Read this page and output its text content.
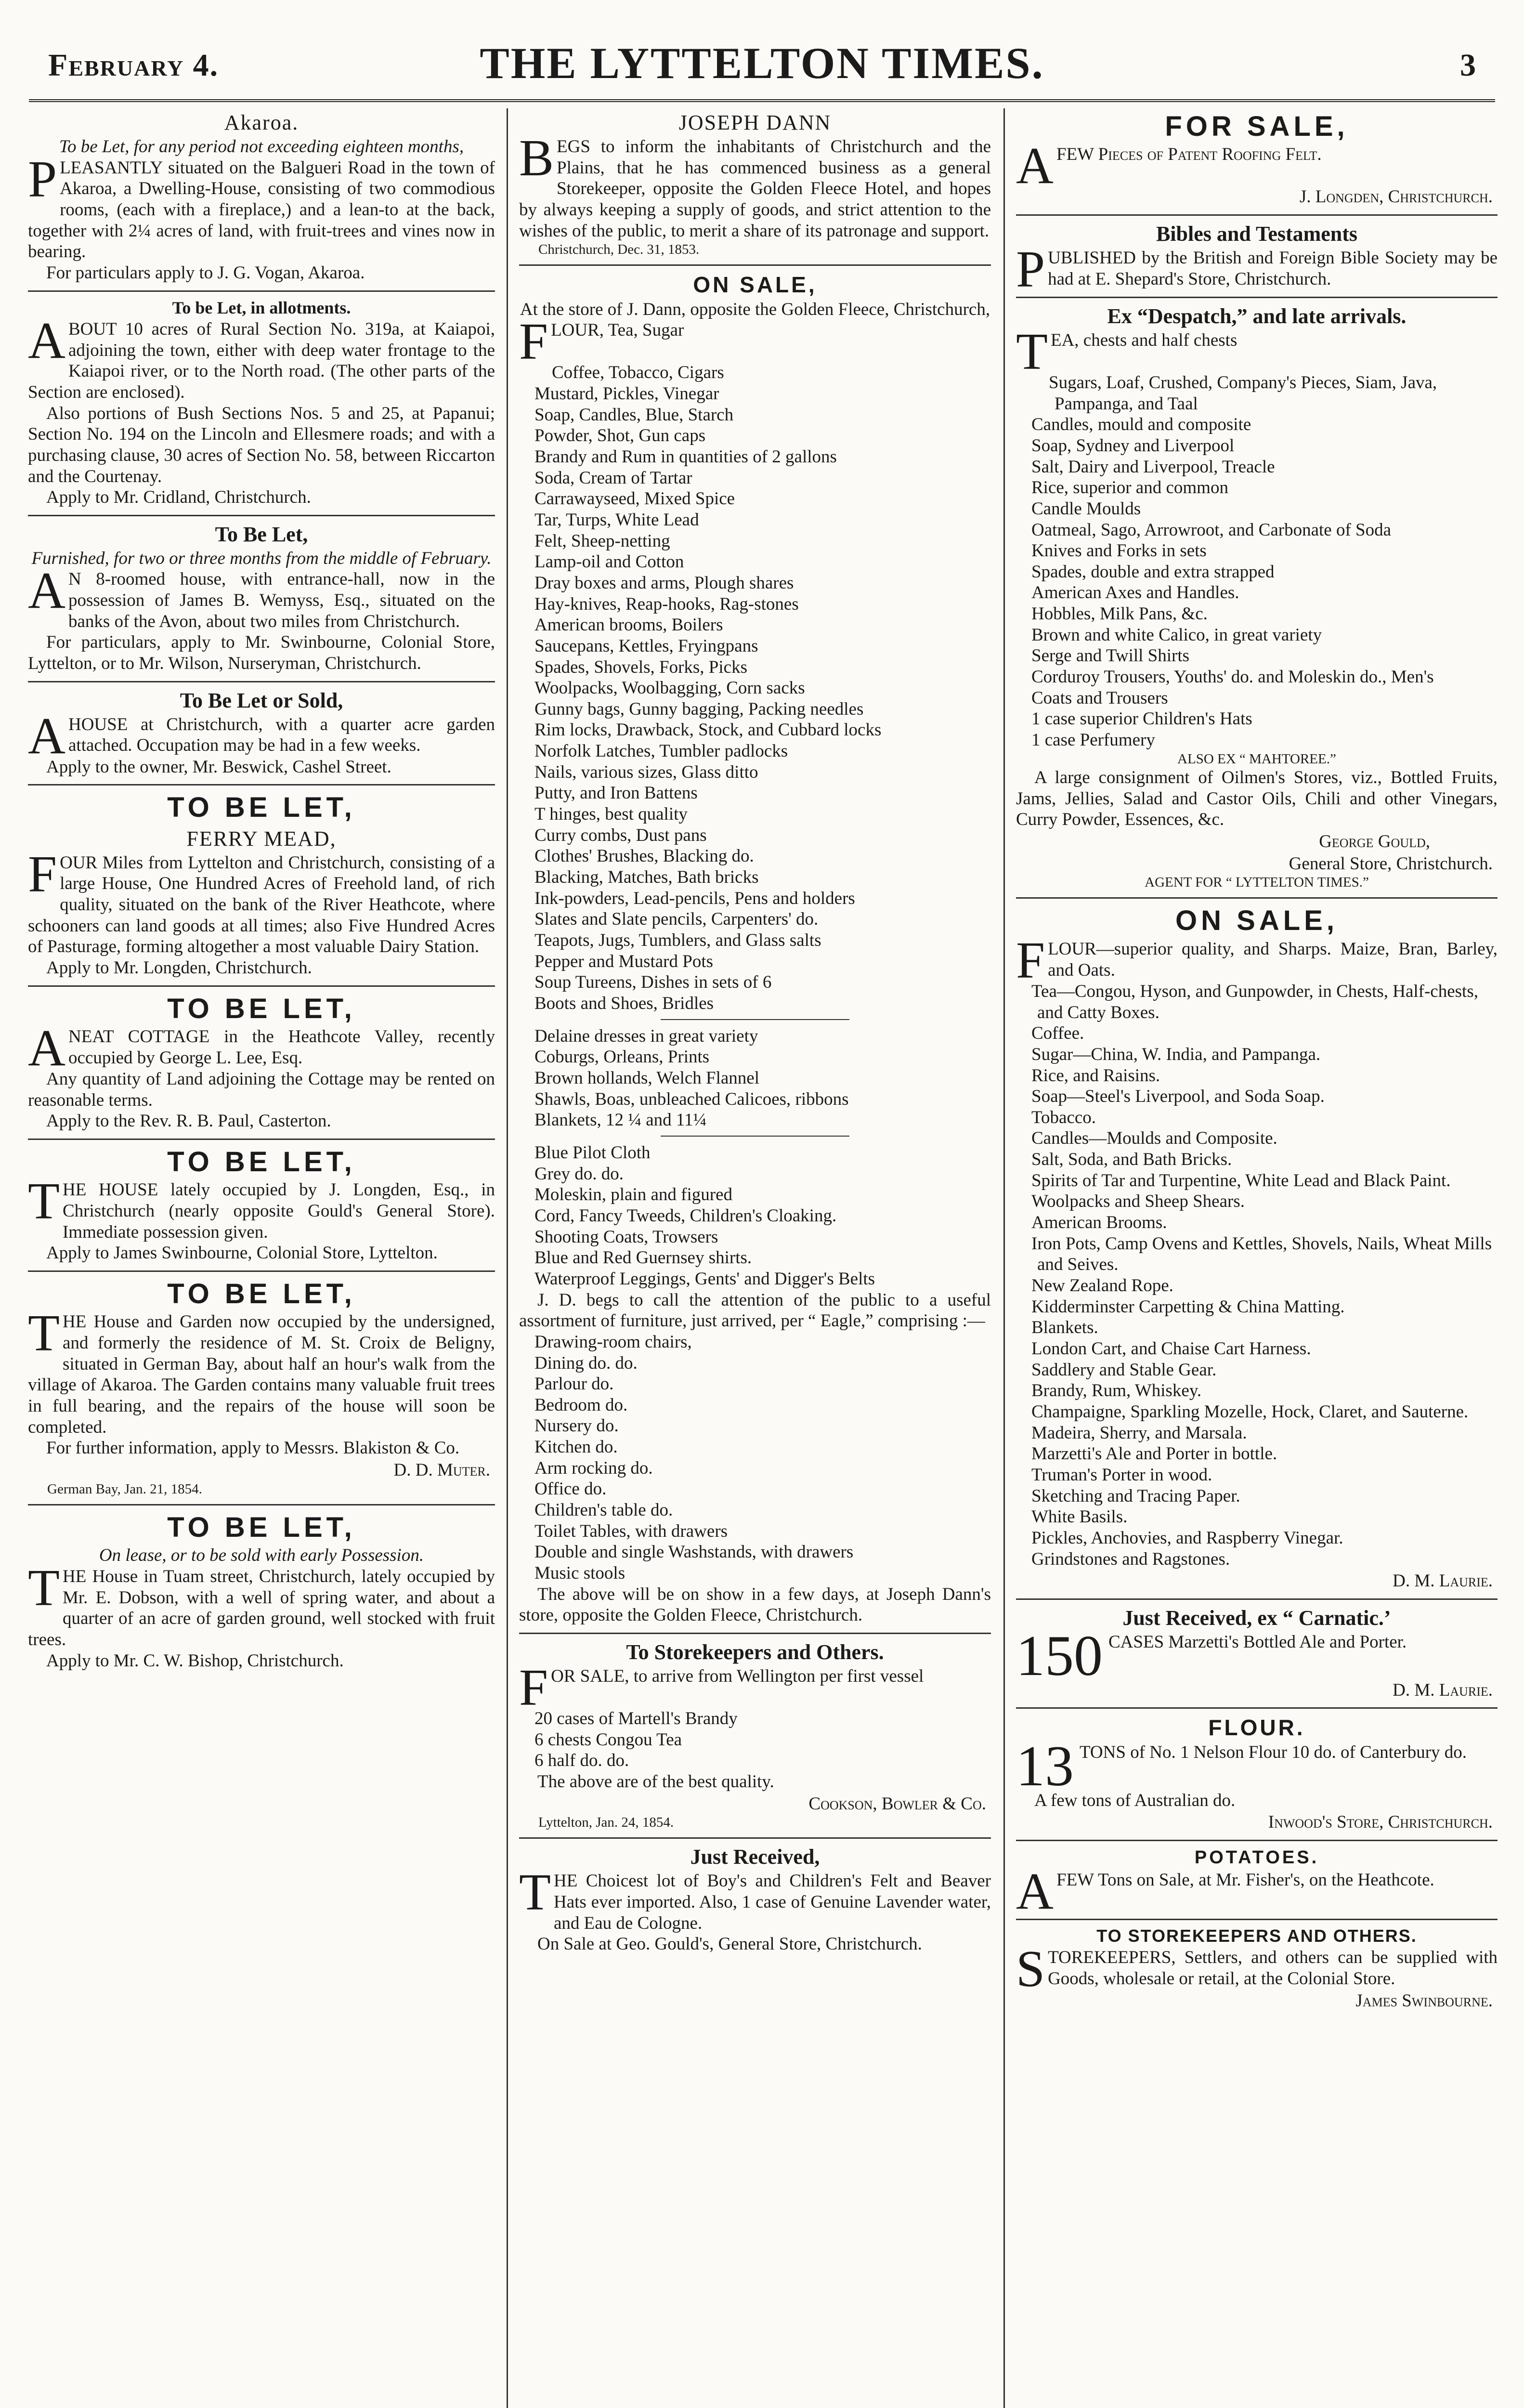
February 4.	THE LYTTELTON TIMES.	3
Akaroa.
To be Let, for any period not exceeding eighteen months,

PLEASANTLY situated on the Balgueri Road in the town of Akaroa, a Dwelling-House, consisting of two commodious rooms, (each with a fireplace,) and a lean-to at the back, together with 2¼ acres of land, with fruit-trees and vines now in bearing.

For particulars apply to J. G. Vogan, Akaroa.

To be Let, in allotments.

ABOUT 10 acres of Rural Section No. 319a, at Kaiapoi, adjoining the town, either with deep water frontage to the Kaiapoi river, or to the North road. (The other parts of the Section are enclosed).

Also portions of Bush Sections Nos. 5 and 25, at Papanui; Section No. 194 on the Lincoln and Ellesmere roads; and with a purchasing clause, 30 acres of Section No. 58, between Riccarton and the Courtenay.

Apply to Mr. Cridland, Christchurch.

To Be Let,
Furnished, for two or three months from the middle of February.

A N 8-roomed house, with entrance-hall, now in the possession of James B. Wemyss, Esq., situated on the banks of the Avon, about two miles from Christchurch.

For particulars, apply to Mr. Swinbourne, Colonial Store, Lyttelton, or to Mr. Wilson, Nurseryman, Christchurch.

To Be Let or Sold,

A HOUSE at Christchurch, with a quarter acre garden attached. Occupation may be had in a few weeks.

Apply to the owner, Mr. Beswick, Cashel Street.

TO BE LET,
FERRY MEAD,

FOUR Miles from Lyttelton and Christchurch, consisting of a large House, One Hundred Acres of Freehold land, of rich quality, situated on the bank of the River Heathcote, where schooners can land goods at all times; also Five Hundred Acres of Pasturage, forming altogether a most valuable Dairy Station.

Apply to Mr. Longden, Christchurch.

TO BE LET,

A NEAT COTTAGE in the Heathcote Valley, recently occupied by George L. Lee, Esq.

Any quantity of Land adjoining the Cottage may be rented on reasonable terms.

Apply to the Rev. R. B. Paul, Casterton.

TO BE LET,

THE HOUSE lately occupied by J. Longden, Esq., in Christchurch (nearly opposite Gould's General Store). Immediate possession given.

Apply to James Swinbourne, Colonial Store, Lyttelton.

TO BE LET,

THE House and Garden now occupied by the undersigned, and formerly the residence of M. St. Croix de Beligny, situated in German Bay, about half an hour's walk from the village of Akaroa. The Garden contains many valuable fruit trees in full bearing, and the repairs of the house will soon be completed.

For further information, apply to Messrs. Blakiston & Co.

D. D. Muter.
German Bay, Jan. 21, 1854.
TO BE LET,
On lease, or to be sold with early Possession.

THE House in Tuam street, Christchurch, lately occupied by Mr. E. Dobson, with a well of spring water, and about a quarter of an acre of garden ground, well stocked with fruit trees.

Apply to Mr. C. W. Bishop, Christchurch.

JOSEPH DANN

BEGS to inform the inhabitants of Christchurch and the Plains, that he has commenced business as a general Storekeeper, opposite the Golden Fleece Hotel, and hopes by always keeping a supply of goods, and strict attention to the wishes of the public, to merit a share of its patronage and support.

Christchurch, Dec. 31, 1853.
ON SALE,

At the store of J. Dann, opposite the Golden Fleece, Christchurch,

FLOUR, Tea, Sugar

Coffee, Tobacco, Cigars
Mustard, Pickles, Vinegar
Soap, Candles, Blue, Starch
Powder, Shot, Gun caps
Brandy and Rum in quantities of 2 gallons
Soda, Cream of Tartar
Carrawayseed, Mixed Spice
Tar, Turps, White Lead
Felt, Sheep-netting
Lamp-oil and Cotton
Dray boxes and arms, Plough shares
Hay-knives, Reap-hooks, Rag-stones
American brooms, Boilers
Saucepans, Kettles, Fryingpans
Spades, Shovels, Forks, Picks
Woolpacks, Woolbagging, Corn sacks
Gunny bags, Gunny bagging, Packing needles
Rim locks, Drawback, Stock, and Cubbard locks
Norfolk Latches, Tumbler padlocks
Nails, various sizes, Glass ditto
Putty, and Iron Battens
T hinges, best quality
Curry combs, Dust pans
Clothes' Brushes, Blacking do.
Blacking, Matches, Bath bricks
Ink-powders, Lead-pencils, Pens and holders
Slates and Slate pencils, Carpenters' do.
Teapots, Jugs, Tumblers, and Glass salts
Pepper and Mustard Pots
Soup Tureens, Dishes in sets of 6
Boots and Shoes, Bridles
Delaine dresses in great variety
Coburgs, Orleans, Prints
Brown hollands, Welch Flannel
Shawls, Boas, unbleached Calicoes, ribbons
Blankets, 12 ¼ and 11¼
Blue Pilot Cloth
Grey do. do.
Moleskin, plain and figured
Cord, Fancy Tweeds, Children's Cloaking.
Shooting Coats, Trowsers
Blue and Red Guernsey shirts.
Waterproof Leggings, Gents' and Digger's Belts

J. D. begs to call the attention of the public to a useful assortment of furniture, just arrived, per “ Eagle,” comprising :—

Drawing-room chairs,
Dining do. do.
Parlour do.
Bedroom do.
Nursery do.
Kitchen do.
Arm rocking do.
Office do.
Children's table do.
Toilet Tables, with drawers
Double and single Washstands, with drawers
Music stools

The above will be on show in a few days, at Joseph Dann's store, opposite the Golden Fleece, Christchurch.

To Storekeepers and Others.

FOR SALE, to arrive from Wellington per first vessel

20 cases of Martell's Brandy
6 chests Congou Tea
6 half do. do.

The above are of the best quality.

Cookson, Bowler & Co.
Lyttelton, Jan. 24, 1854.
Just Received,

THE Choicest lot of Boy's and Children's Felt and Beaver Hats ever imported. Also, 1 case of Genuine Lavender water, and Eau de Cologne.

On Sale at Geo. Gould's, General Store, Christchurch.

FOR SALE,

A FEW Pieces of Patent Roofing Felt.

J. Longden, Christchurch.
Bibles and Testaments

PUBLISHED by the British and Foreign Bible Society may be had at E. Shepard's Store, Christchurch.

Ex “Despatch,” and late arrivals.

TEA, chests and half chests

Sugars, Loaf, Crushed, Company's Pieces, Siam, Java, Pampanga, and Taal
Candles, mould and composite
Soap, Sydney and Liverpool
Salt, Dairy and Liverpool, Treacle
Rice, superior and common
Candle Moulds
Oatmeal, Sago, Arrowroot, and Carbonate of Soda
Knives and Forks in sets
Spades, double and extra strapped
American Axes and Handles.
Hobbles, Milk Pans, &c.
Brown and white Calico, in great variety
Serge and Twill Shirts
Corduroy Trousers, Youths' do. and Moleskin do., Men's
Coats and Trousers
1 case superior Children's Hats
1 case Perfumery
ALSO EX “ MAHTOREE.”

A large consignment of Oilmen's Stores, viz., Bottled Fruits, Jams, Jellies, Salad and Castor Oils, Chili and other Vinegars, Curry Powder, Essences, &c.

George Gould,
General Store, Christchurch.
AGENT FOR “ LYTTELTON TIMES.”
ON SALE,

FLOUR—superior quality, and Sharps. Maize, Bran, Barley, and Oats.

Tea—Congou, Hyson, and Gunpowder, in Chests, Half-chests, and Catty Boxes.
Coffee.
Sugar—China, W. India, and Pampanga.
Rice, and Raisins.
Soap—Steel's Liverpool, and Soda Soap.
Tobacco.
Candles—Moulds and Composite.
Salt, Soda, and Bath Bricks.
Spirits of Tar and Turpentine, White Lead and Black Paint.
Woolpacks and Sheep Shears.
American Brooms.
Iron Pots, Camp Ovens and Kettles, Shovels, Nails, Wheat Mills and Seives.
New Zealand Rope.
Kidderminster Carpetting & China Matting.
Blankets.
London Cart, and Chaise Cart Harness.
Saddlery and Stable Gear.
Brandy, Rum, Whiskey.
Champaigne, Sparkling Mozelle, Hock, Claret, and Sauterne.
Madeira, Sherry, and Marsala.
Marzetti's Ale and Porter in bottle.
Truman's Porter in wood.
Sketching and Tracing Paper.
White Basils.
Pickles, Anchovies, and Raspberry Vinegar.
Grindstones and Ragstones.
D. M. Laurie.
Just Received, ex “ Carnatic.’

150 CASES Marzetti's Bottled Ale and Porter.

D. M. Laurie.
FLOUR.

13 TONS of No. 1 Nelson Flour 10 do. of Canterbury do.

A few tons of Australian do.

Inwood's Store, Christchurch.
POTATOES.

A FEW Tons on Sale, at Mr. Fisher's, on the Heathcote.

TO STOREKEEPERS AND OTHERS.

STOREKEEPERS, Settlers, and others can be supplied with Goods, wholesale or retail, at the Colonial Store.

James Swinbourne.
